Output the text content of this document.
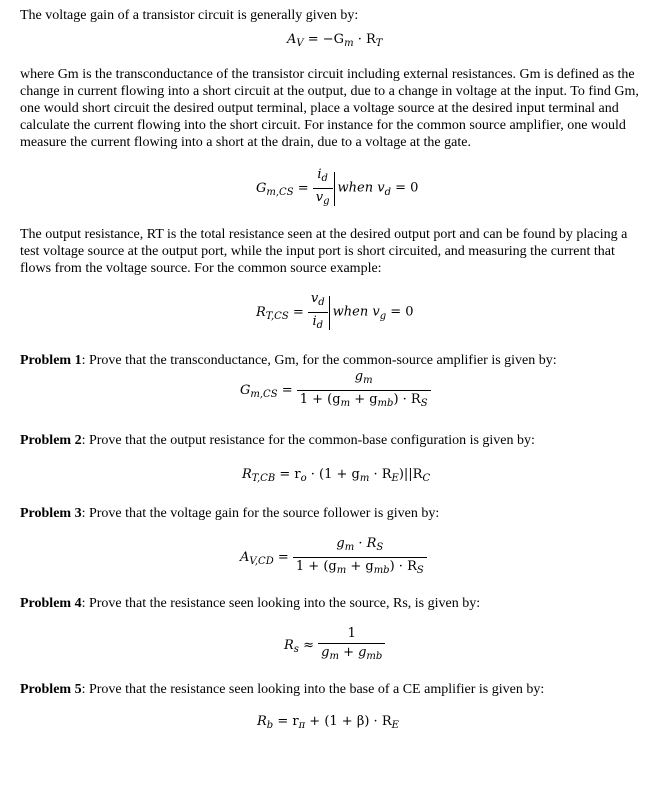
The voltage gain of a transistor circuit is generally given by:

$A_V = -G_m \cdot R_T$

where Gm is the transconductance of the transistor circuit including external resistances. Gm is defined as the change in current flowing into a short circuit at the output, due to a change in voltage at the input. To find Gm, one would short circuit the desired output terminal, place a voltage source at the desired input terminal and calculate the current flowing into the short circuit. For instance for the common source amplifier, one would measure the current flowing into a short at the drain, due to a voltage at the gate.

$G_{m,CS} = \frac{i_d}{v_g}$ when $v_d = 0$

The output resistance, RT is the total resistance seen at the desired output port and can be found by placing a test voltage source at the output port, while the input port is short circuited, and measuring the current that flows from the voltage source. For the common source example:

$R_{T,CS} = \frac{v_d}{i_d}$ when $v_g = 0$

Problem 1: Prove that the transconductance, Gm, for the common-source amplifier is given by:

$G_{m,CS} = \frac{g_m}{1 + (g_m + g_{mb}) \cdot R_S}$

Problem 2: Prove that the output resistance for the common-base configuration is given by:

$R_{T,CB} = r_o \cdot (1 + g_m \cdot R_E)||R_C$

Problem 3: Prove that the voltage gain for the source follower is given by:

$A_{V,CD} = \frac{g_m \cdot R_S}{1 + (g_m + g_{mb}) \cdot R_S}$

Problem 4: Prove that the resistance seen looking into the source, Rs, is given by:

$R_s \approx \frac{1}{g_m + g_{mb}}$

Problem 5: Prove that the resistance seen looking into the base of a CE amplifier is given by:

$R_b = r_\pi + (1 + \beta) \cdot R_E$
